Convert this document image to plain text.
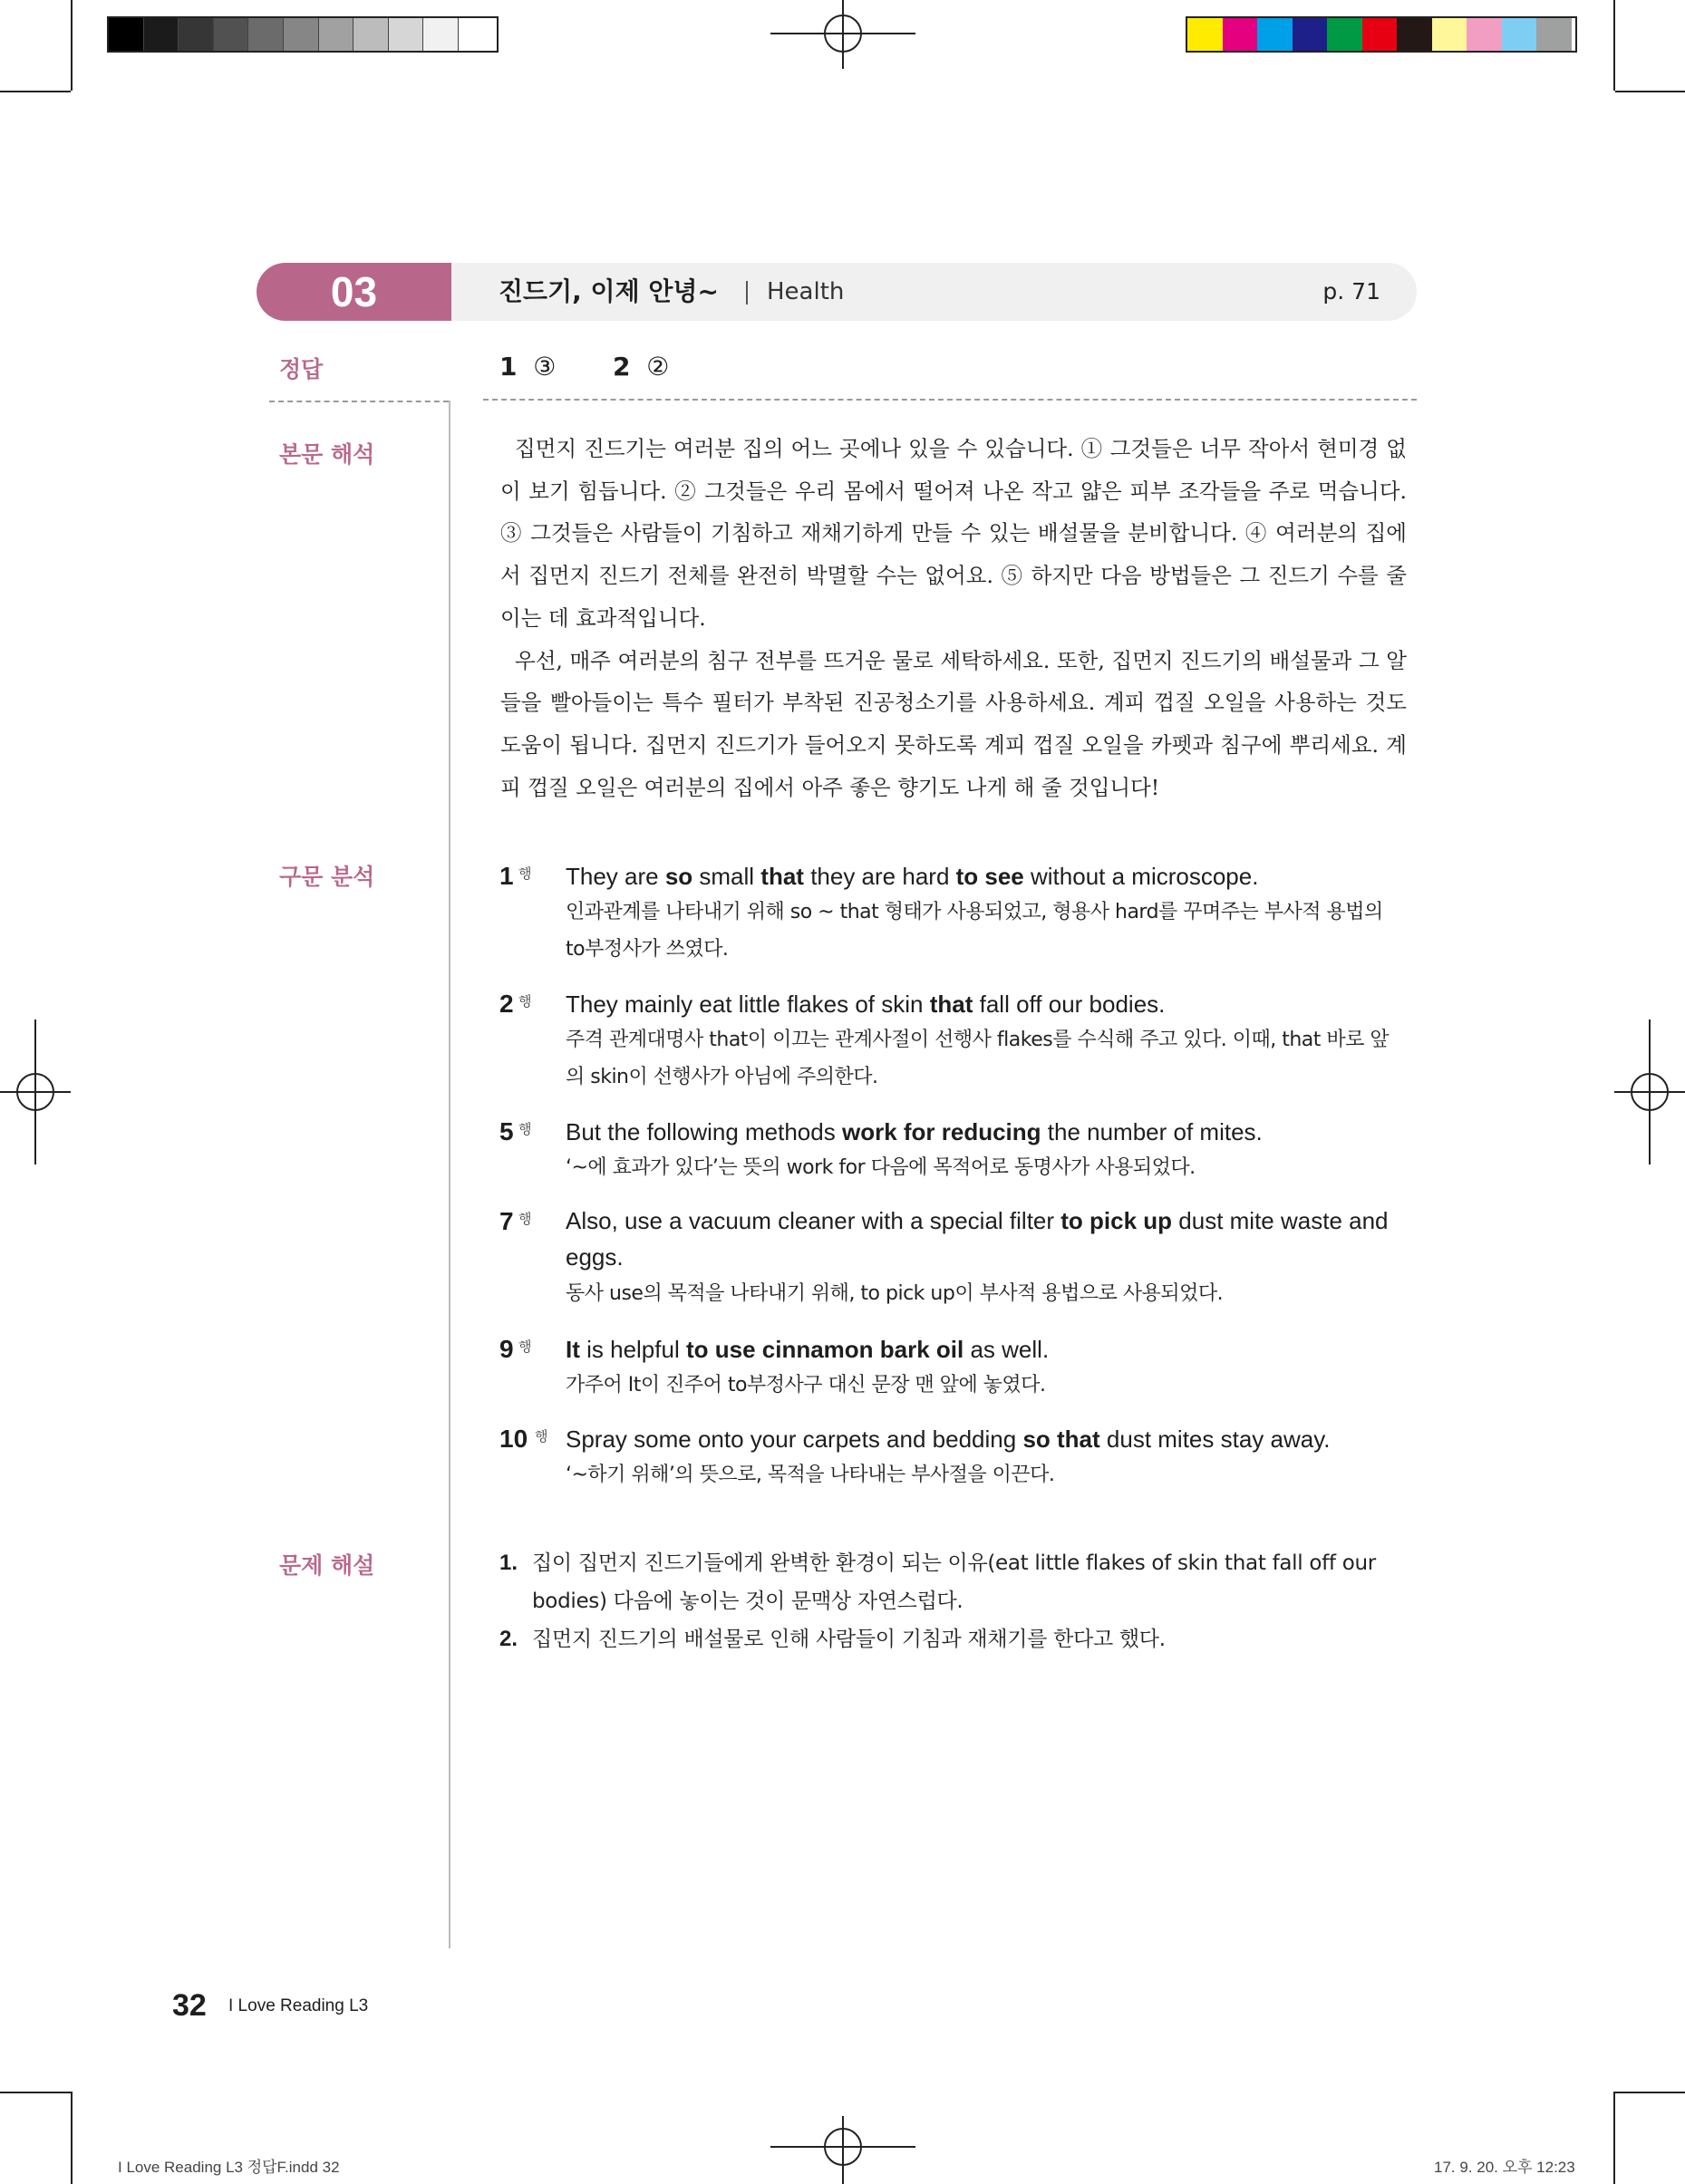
03	진드기, 이제 안녕~ Health	p. 71
정답
본문 해석
구문 분석
문제 해설
1 ③ 2 ②

집먼지 진드기는 여러분 집의 어느 곳에나 있을 수 있습니다. ① 그것들은 너무 작아서 현미경 없이 보기 힘듭니다. ② 그것들은 우리 몸에서 떨어져 나온 작고 얇은 피부 조각들을 주로 먹습니다. ③ 그것들은 사람들이 기침하고 재채기하게 만들 수 있는 배설물을 분비합니다. ④ 여러분의 집에서 집먼지 진드기 전체를 완전히 박멸할 수는 없어요. ⑤ 하지만 다음 방법들은 그 진드기 수를 줄이는 데 효과적입니다.

우선, 매주 여러분의 침구 전부를 뜨거운 물로 세탁하세요. 또한, 집먼지 진드기의 배설물과 그 알들을 빨아들이는 특수 필터가 부착된 진공청소기를 사용하세요. 계피 껍질 오일을 사용하는 것도 도움이 됩니다. 집먼지 진드기가 들어오지 못하도록 계피 껍질 오일을 카펫과 침구에 뿌리세요. 계피 껍질 오일은 여러분의 집에서 아주 좋은 향기도 나게 해 줄 것입니다!

1 행 They are so small that they are hard to see without a microscope.
인과관계를 나타내기 위해 so ~ that 형태가 사용되었고, 형용사 hard를 꾸며주는 부사적 용법의 to부정사가 쓰였다.
2 행 They mainly eat little flakes of skin that fall off our bodies.
주격 관계대명사 that이 이끄는 관계사절이 선행사 flakes를 수식해 주고 있다. 이때, that 바로 앞의 skin이 선행사가 아님에 주의한다.
5 행 But the following methods work for reducing the number of mites.
‘~에 효과가 있다’는 뜻의 work for 다음에 목적어로 동명사가 사용되었다.
7 행 Also, use a vacuum cleaner with a special filter to pick up dust mite waste and eggs.
동사 use의 목적을 나타내기 위해, to pick up이 부사적 용법으로 사용되었다.
9 행 It is helpful to use cinnamon bark oil as well.
가주어 It이 진주어 to부정사구 대신 문장 맨 앞에 놓였다.
10 행 Spray some onto your carpets and bedding so that dust mites stay away.
‘~하기 위해’의 뜻으로, 목적을 나타내는 부사절을 이끈다.
1. 집이 집먼지 진드기들에게 완벽한 환경이 되는 이유(eat little flakes of skin that fall off our bodies) 다음에 놓이는 것이 문맥상 자연스럽다.
2. 집먼지 진드기의 배설물로 인해 사람들이 기침과 재채기를 한다고 했다.
32 I Love Reading L3
I Love Reading L3 정답F.indd 32	17. 9. 20. 오후 12:23
